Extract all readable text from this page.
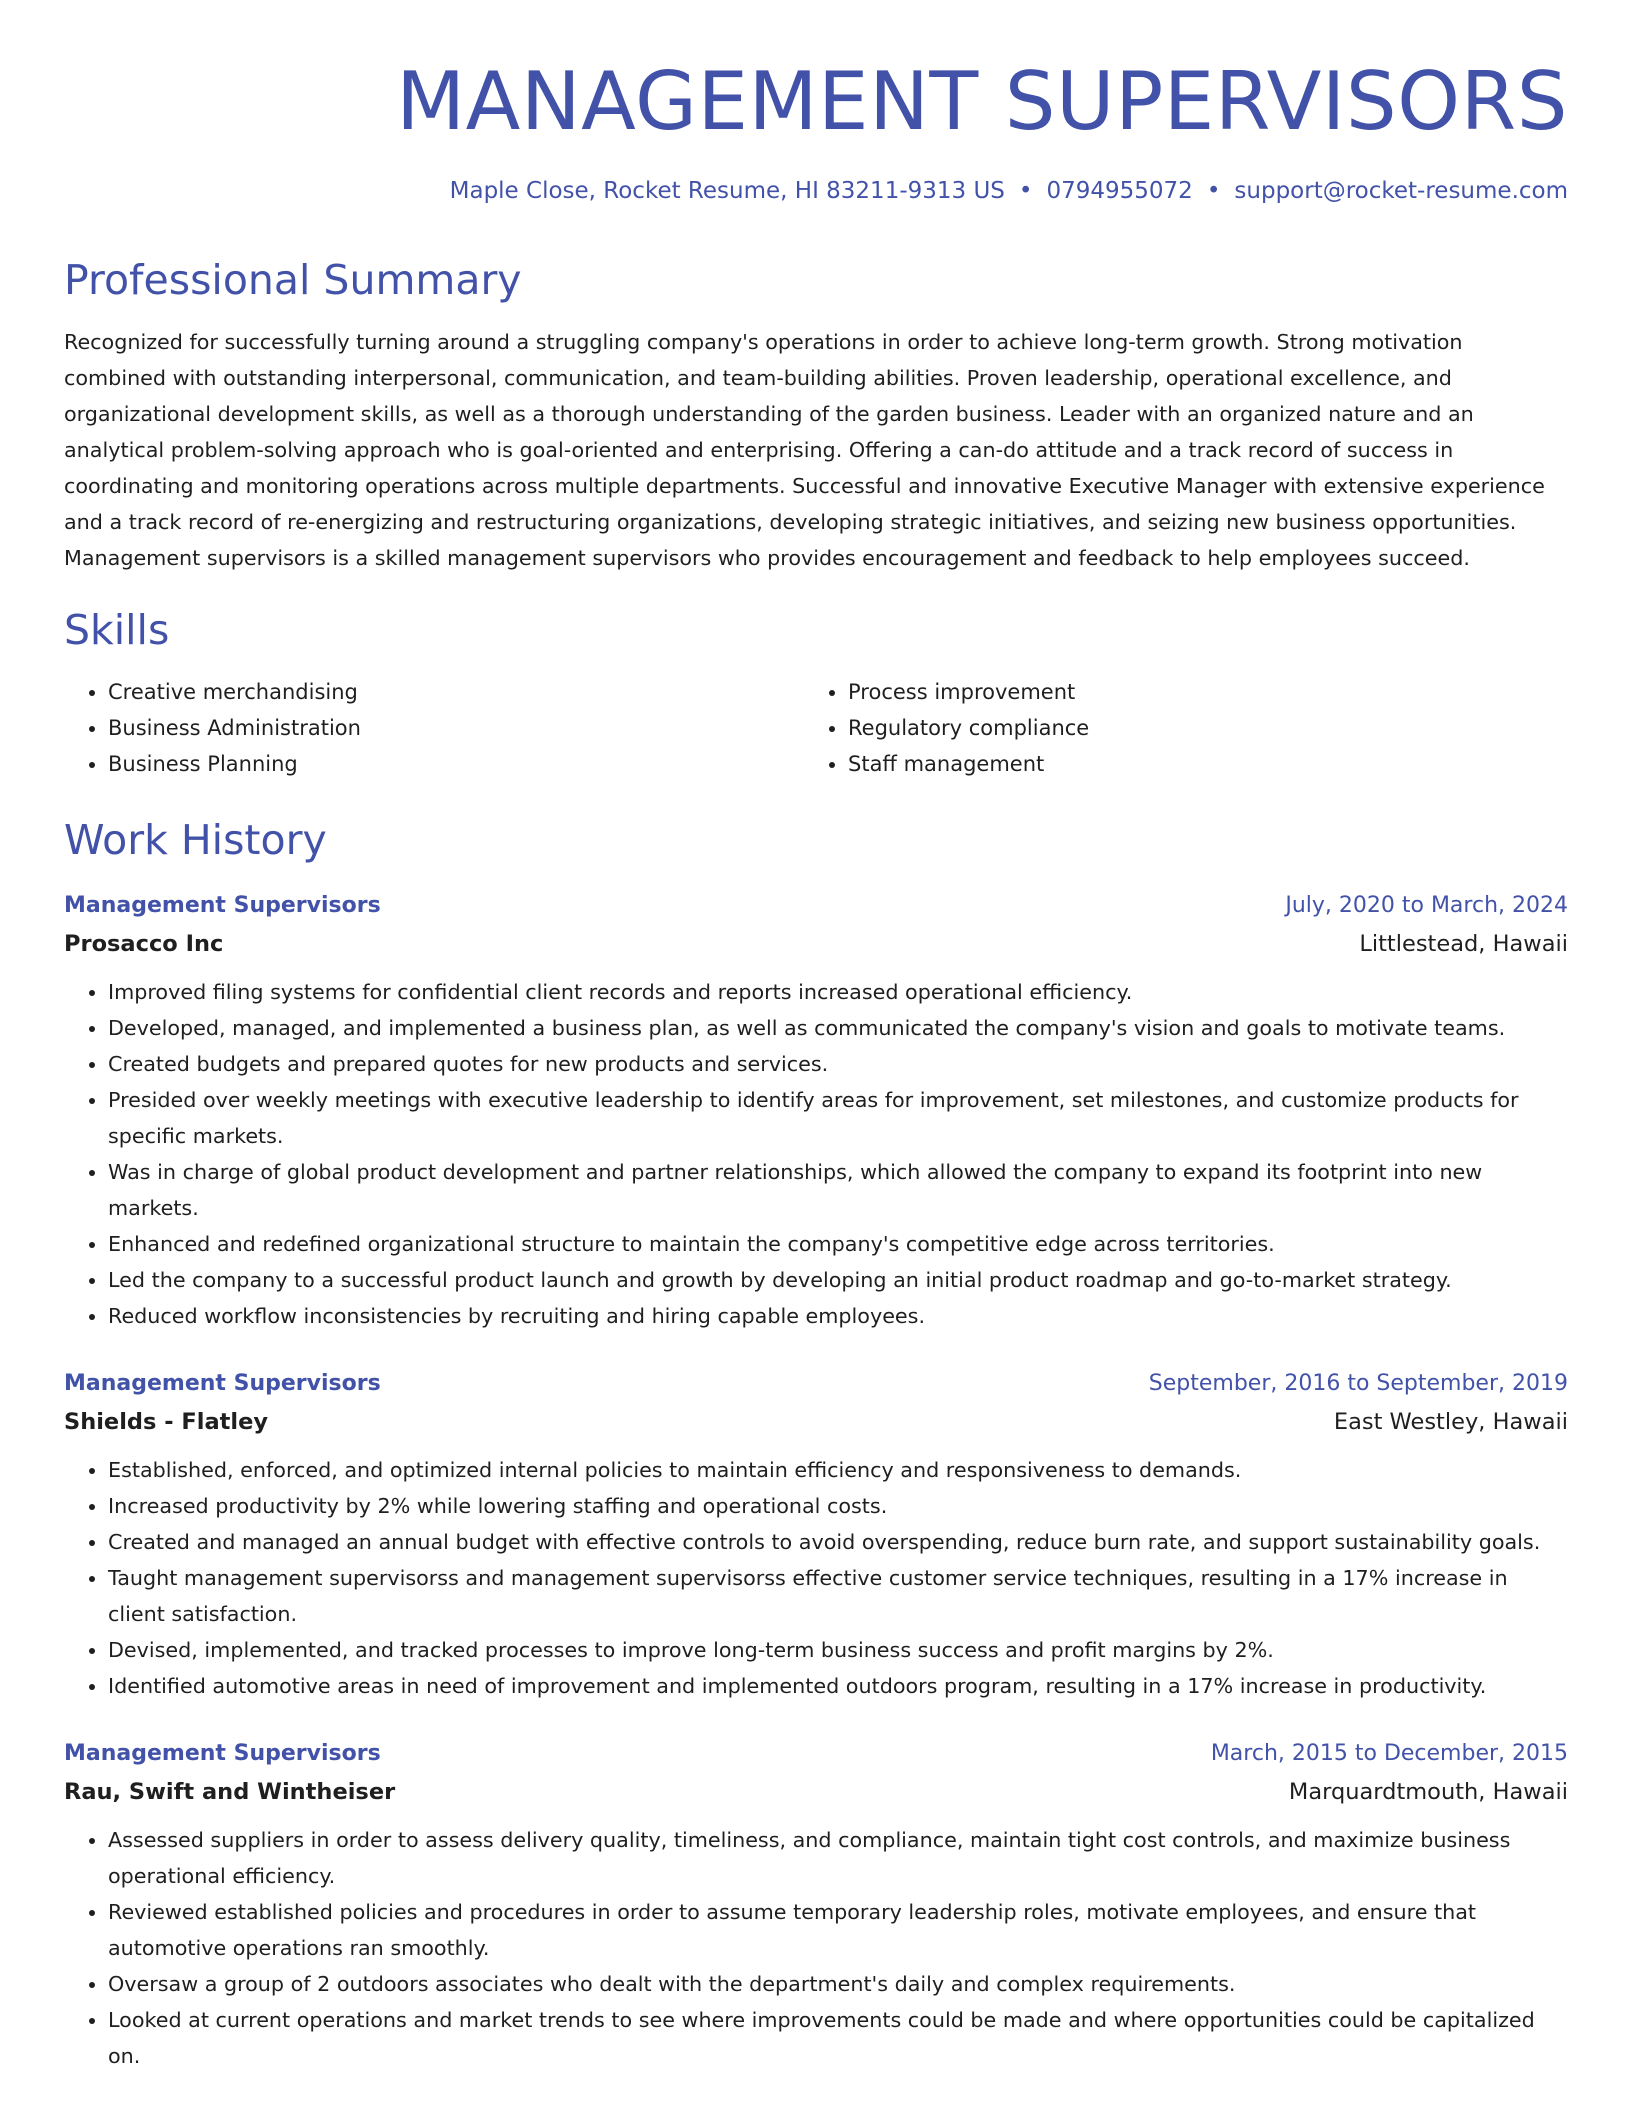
MANAGEMENT SUPERVISORS
Maple Close, Rocket Resume, HI 83211-9313 US • 0794955072 • support@rocket-resume.com
Professional Summary

Recognized for successfully turning around a struggling company's operations in order to achieve long-term growth. Strong motivation combined with outstanding interpersonal, communication, and team-building abilities. Proven leadership, operational excellence, and organizational development skills, as well as a thorough understanding of the garden business. Leader with an organized nature and an analytical problem-solving approach who is goal-oriented and enterprising. Offering a can-do attitude and a track record of success in coordinating and monitoring operations across multiple departments. Successful and innovative Executive Manager with extensive experience and a track record of re-energizing and restructuring organizations, developing strategic initiatives, and seizing new business opportunities. Management supervisors is a skilled management supervisors who provides encouragement and feedback to help employees succeed.

Skills
• Creative merchandising
• Business Administration
• Business Planning
• Process improvement
• Regulatory compliance
• Staff management
Work History
Management Supervisors	July, 2020 to March, 2024
Prosacco Inc	Littlestead, Hawaii
• Improved filing systems for confidential client records and reports increased operational efficiency.
• Developed, managed, and implemented a business plan, as well as communicated the company's vision and goals to motivate teams.
• Created budgets and prepared quotes for new products and services.
• Presided over weekly meetings with executive leadership to identify areas for improvement, set milestones, and customize products for specific markets.
• Was in charge of global product development and partner relationships, which allowed the company to expand its footprint into new markets.
• Enhanced and redefined organizational structure to maintain the company's competitive edge across territories.
• Led the company to a successful product launch and growth by developing an initial product roadmap and go-to-market strategy.
• Reduced workflow inconsistencies by recruiting and hiring capable employees.
Management Supervisors	September, 2016 to September, 2019
Shields - Flatley	East Westley, Hawaii
• Established, enforced, and optimized internal policies to maintain efficiency and responsiveness to demands.
• Increased productivity by 2% while lowering staffing and operational costs.
• Created and managed an annual budget with effective controls to avoid overspending, reduce burn rate, and support sustainability goals.
• Taught management supervisorss and management supervisorss effective customer service techniques, resulting in a 17% increase in client satisfaction.
• Devised, implemented, and tracked processes to improve long-term business success and profit margins by 2%.
• Identified automotive areas in need of improvement and implemented outdoors program, resulting in a 17% increase in productivity.
Management Supervisors	March, 2015 to December, 2015
Rau, Swift and Wintheiser	Marquardtmouth, Hawaii
• Assessed suppliers in order to assess delivery quality, timeliness, and compliance, maintain tight cost controls, and maximize business operational efficiency.
• Reviewed established policies and procedures in order to assume temporary leadership roles, motivate employees, and ensure that automotive operations ran smoothly.
• Oversaw a group of 2 outdoors associates who dealt with the department's daily and complex requirements.
• Looked at current operations and market trends to see where improvements could be made and where opportunities could be capitalized on.
